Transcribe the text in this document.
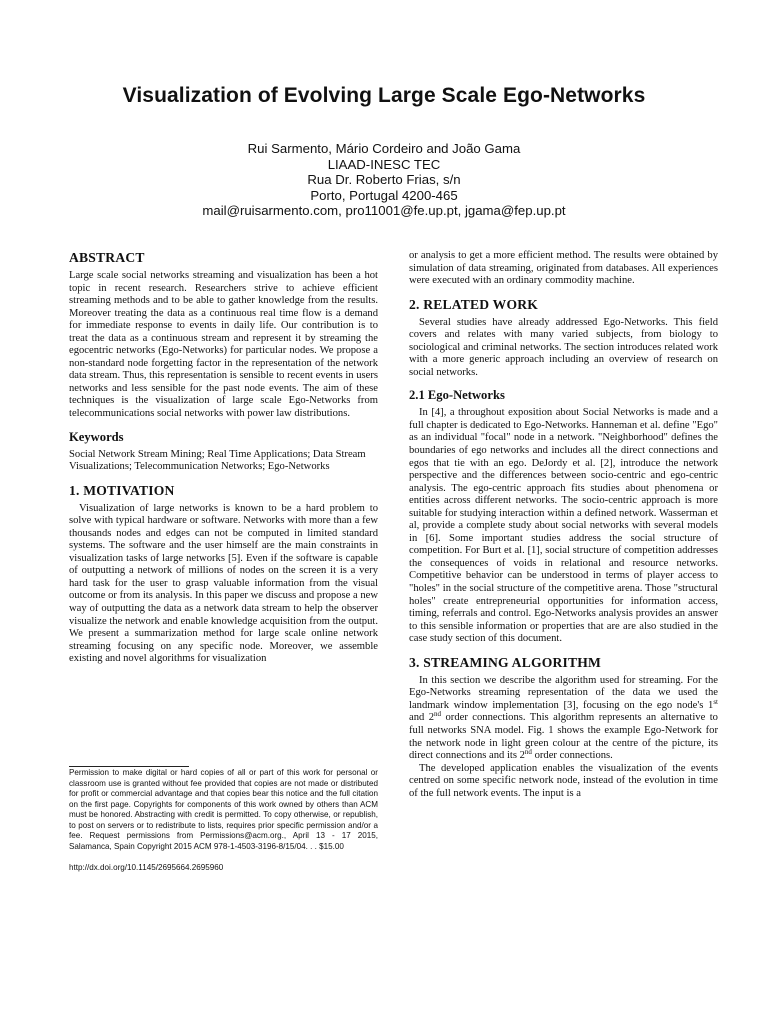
Visualization of Evolving Large Scale Ego-Networks
Rui Sarmento, Mário Cordeiro and João Gama
LIAAD-INESC TEC
Rua Dr. Roberto Frias, s/n
Porto, Portugal 4200-465
mail@ruisarmento.com, pro11001@fe.up.pt, jgama@fep.up.pt
ABSTRACT

Large scale social networks streaming and visualization has been a hot topic in recent research. Researchers strive to achieve efficient streaming methods and to be able to gather knowledge from the results. Moreover treating the data as a continuous real time flow is a demand for immediate response to events in daily life. Our contribution is to treat the data as a continuous stream and represent it by streaming the egocentric networks (Ego-Networks) for particular nodes. We propose a non-standard node forgetting factor in the representation of the network data stream. Thus, this representation is sensible to recent events in users networks and less sensible for the past node events. The aim of these techniques is the visualization of large scale Ego-Networks from telecommunications social networks with power law distributions.

Keywords

Social Network Stream Mining; Real Time Applications; Data Stream Visualizations; Telecommunication Networks; Ego-Networks

1. MOTIVATION

Visualization of large networks is known to be a hard problem to solve with typical hardware or software. Networks with more than a few thousands nodes and edges can not be computed in limited standard systems. The software and the user himself are the main constraints in visualization tasks of large networks [5]. Even if the software is capable of outputting a network of millions of nodes on the screen it is a very hard task for the user to grasp valuable information from the visual outcome or from its analysis. In this paper we discuss and propose a new way of outputting the data as a network data stream to help the observer visualize the network and enable knowledge acquisition from the output. We present a summarization method for large scale online network streaming focusing on any specific node. Moreover, we assemble existing and novel algorithms for visualization

Permission to make digital or hard copies of all or part of this work for personal or classroom use is granted without fee provided that copies are not made or distributed for profit or commercial advantage and that copies bear this notice and the full citation on the first page. Copyrights for components of this work owned by others than ACM must be honored. Abstracting with credit is permitted. To copy otherwise, or republish, to post on servers or to redistribute to lists, requires prior specific permission and/or a fee. Request permissions from Permissions@acm.org., April 13 - 17 2015, Salamanca, Spain Copyright 2015 ACM 978-1-4503-3196-8/15/04. . . $15.00
http://dx.doi.org/10.1145/2695664.2695960

or analysis to get a more efficient method. The results were obtained by simulation of data streaming, originated from databases. All experiences were executed with an ordinary commodity machine.

2. RELATED WORK

Several studies have already addressed Ego-Networks. This field covers and relates with many varied subjects, from biology to sociological and criminal networks. The section introduces related work with a more generic approach including an overview of research on social networks.

2.1 Ego-Networks

In [4], a throughout exposition about Social Networks is made and a full chapter is dedicated to Ego-Networks. Hanneman et al. define "Ego" as an individual "focal" node in a network. "Neighborhood" defines the boundaries of ego networks and includes all the direct connections and egos that tie with an ego. DeJordy et al. [2], introduce the network perspective and the differences between socio-centric and ego-centric analysis. The ego-centric approach fits studies about phenomena or entities across different networks. The socio-centric approach is more suitable for studying interaction within a defined network. Wasserman et al, provide a complete study about social networks with several models in [6]. Some important studies address the social structure of competition. For Burt et al. [1], social structure of competition addresses the consequences of voids in relational and resource networks. Competitive behavior can be understood in terms of player access to "holes" in the social structure of the competitive arena. Those "structural holes" create entrepreneurial opportunities for information access, timing, referrals and control. Ego-Networks analysis provides an answer to this sensible information or properties that are are also studied in the case study section of this document.

3. STREAMING ALGORITHM

In this section we describe the algorithm used for streaming. For the Ego-Networks streaming representation of the data we used the landmark window implementation [3], focusing on the ego node's 1st and 2nd order connections. This algorithm represents an alternative to full networks SNA model. Fig. 1 shows the example Ego-Network for the network node in light green colour at the centre of the picture, its direct connections and its 2nd order connections.

The developed application enables the visualization of the events centred on some specific network node, instead of the evolution in time of the full network events. The input is a
